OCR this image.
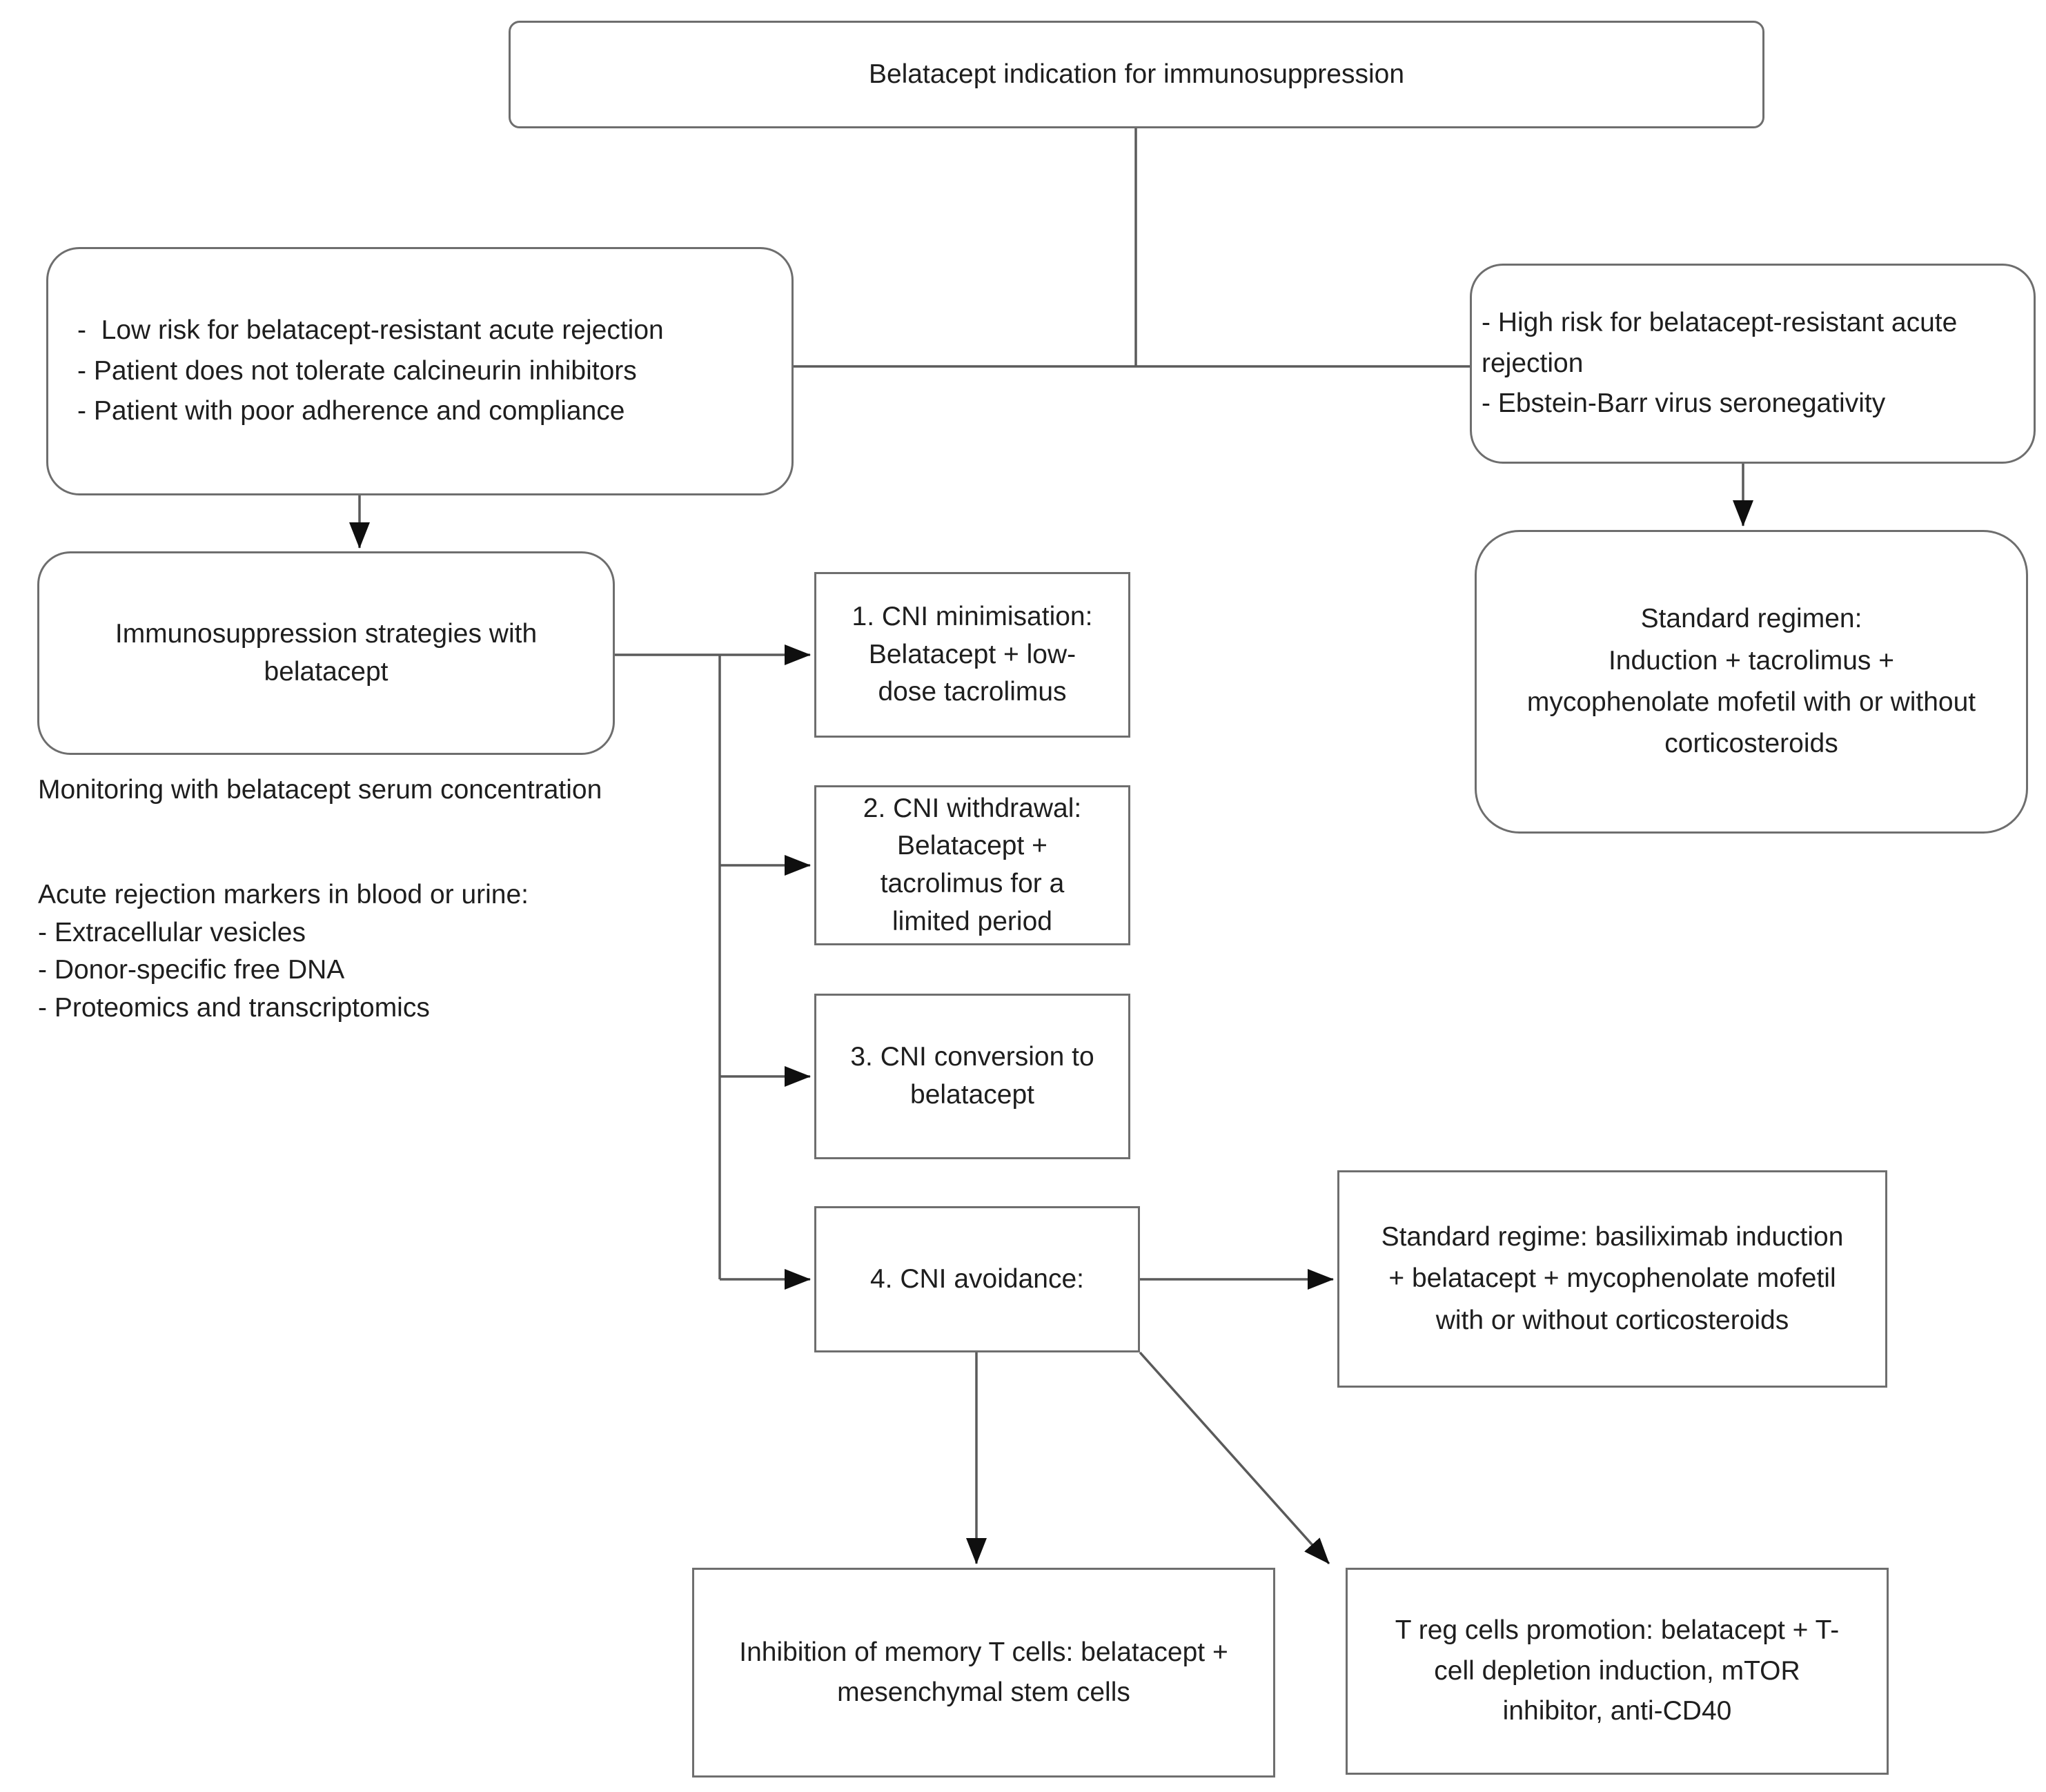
Belatacept indication for immunosuppression
-  Low risk for belatacept-resistant acute rejection
- Patient does not tolerate calcineurin inhibitors
- Patient with poor adherence and compliance
- High risk for belatacept-resistant acute rejection
- Ebstein-Barr virus seronegativity
Immunosuppression strategies with
belatacept
1. CNI minimisation:
Belatacept + low-
dose tacrolimus
2. CNI withdrawal:
Belatacept +
tacrolimus for a
limited period
3. CNI conversion to
belatacept
4. CNI avoidance:
Standard regimen:
Induction + tacrolimus +
mycophenolate mofetil with or without
corticosteroids
Standard regime: basiliximab induction
+ belatacept + mycophenolate mofetil
with or without corticosteroids
Inhibition of memory T cells: belatacept +
mesenchymal stem cells
T reg cells promotion: belatacept + T-
cell depletion induction, mTOR
inhibitor, anti-CD40
Monitoring with belatacept serum concentration
Acute rejection markers in blood or urine:
- Extracellular vesicles
- Donor-specific free DNA
- Proteomics and transcriptomics
